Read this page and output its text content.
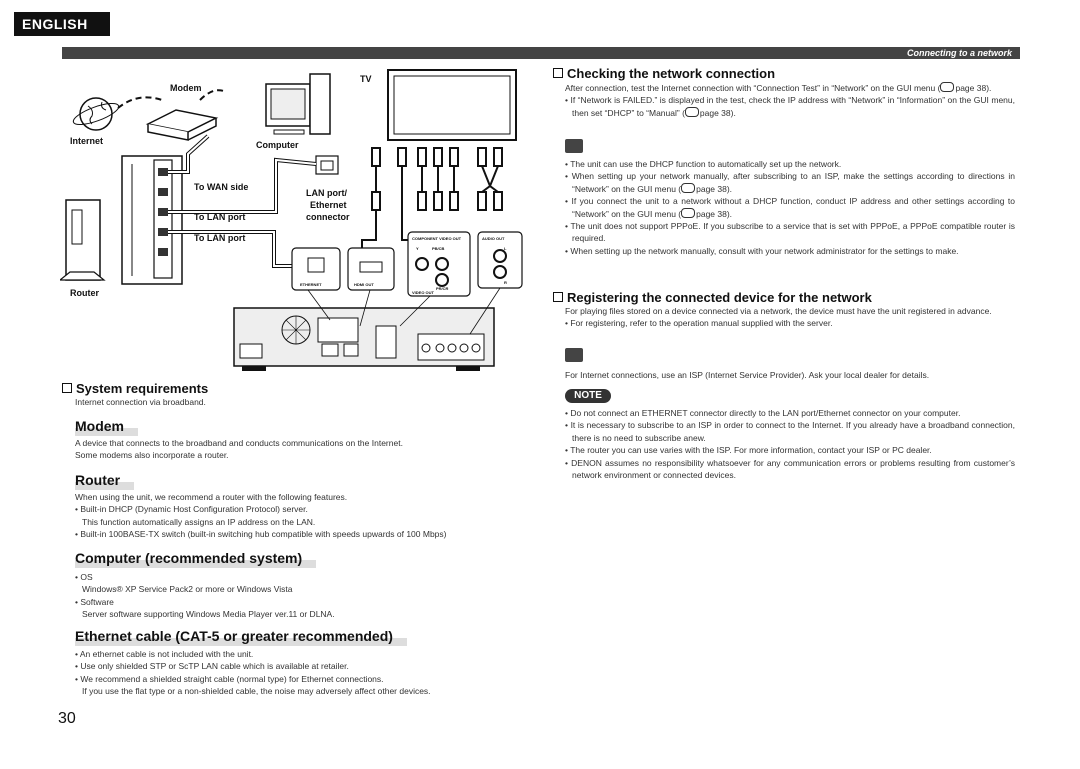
ENGLISH
Connecting to a network
Internet
Modem
Computer
LAN port/
Ethernet
connector
Router
To WAN side
To LAN port
To LAN port
TV
ETHERNET	HDMI OUT
COMPONENT VIDEO OUT
Y	PB/CB
PR/CR
VIDEO OUT
AUDIO OUT
L
R
System requirements
Internet connection via broadband.
Modem

A device that connects to the broadband and conducts communications on the Internet.

Some modems also incorporate a router.

Router

When using the unit, we recommend a router with the following features.

• Built-in DHCP (Dynamic Host Configuration Protocol) server.

This function automatically assigns an IP address on the LAN.

• Built-in 100BASE-TX switch (built-in switching hub compatible with speeds upwards of 100 Mbps)

Computer (recommended system)

• OS

Windows® XP Service Pack2 or more or Windows Vista

• Software

Server software supporting Windows Media Player ver.11 or DLNA.

Ethernet cable (CAT-5 or greater recommended)

• An ethernet cable is not included with the unit.

• Use only shielded STP or ScTP LAN cable which is available at retailer.

• We recommend a shielded straight cable (normal type) for Ethernet connections.

If you use the flat type or a non-shielded cable, the noise may adversely affect other devices.

30
Checking the network connection

After connection, test the Internet connection with “Connection Test” in “Network” on the GUI menu ( page 38).

• If “Network is FAILED.” is displayed in the test, check the IP address with “Network” in “Information” on the GUI menu, then set “DHCP” to “Manual” ( page 38).

• The unit can use the DHCP function to automatically set up the network.

• When setting up your network manually, after subscribing to an ISP, make the settings according to directions in “Network” on the GUI menu ( page 38).

• If you connect the unit to a network without a DHCP function, conduct IP address and other settings according to “Network” on the GUI menu ( page 38).

• The unit does not support PPPoE. If you subscribe to a service that is set with PPPoE, a PPPoE compatible router is required.

• When setting up the network manually, consult with your network administrator for the settings to make.

Registering the connected device for the network

For playing files stored on a device connected via a network, the device must have the unit registered in advance.

• For registering, refer to the operation manual supplied with the server.

For Internet connections, use an ISP (Internet Service Provider). Ask your local dealer for details.
NOTE

• Do not connect an ETHERNET connector directly to the LAN port/Ethernet connector on your computer.

• It is necessary to subscribe to an ISP in order to connect to the Internet. If you already have a broadband connection, there is no need to subscribe anew.

• The router you can use varies with the ISP. For more information, contact your ISP or PC dealer.

• DENON assumes no responsibility whatsoever for any communication errors or problems resulting from customer’s network environment or connected devices.
